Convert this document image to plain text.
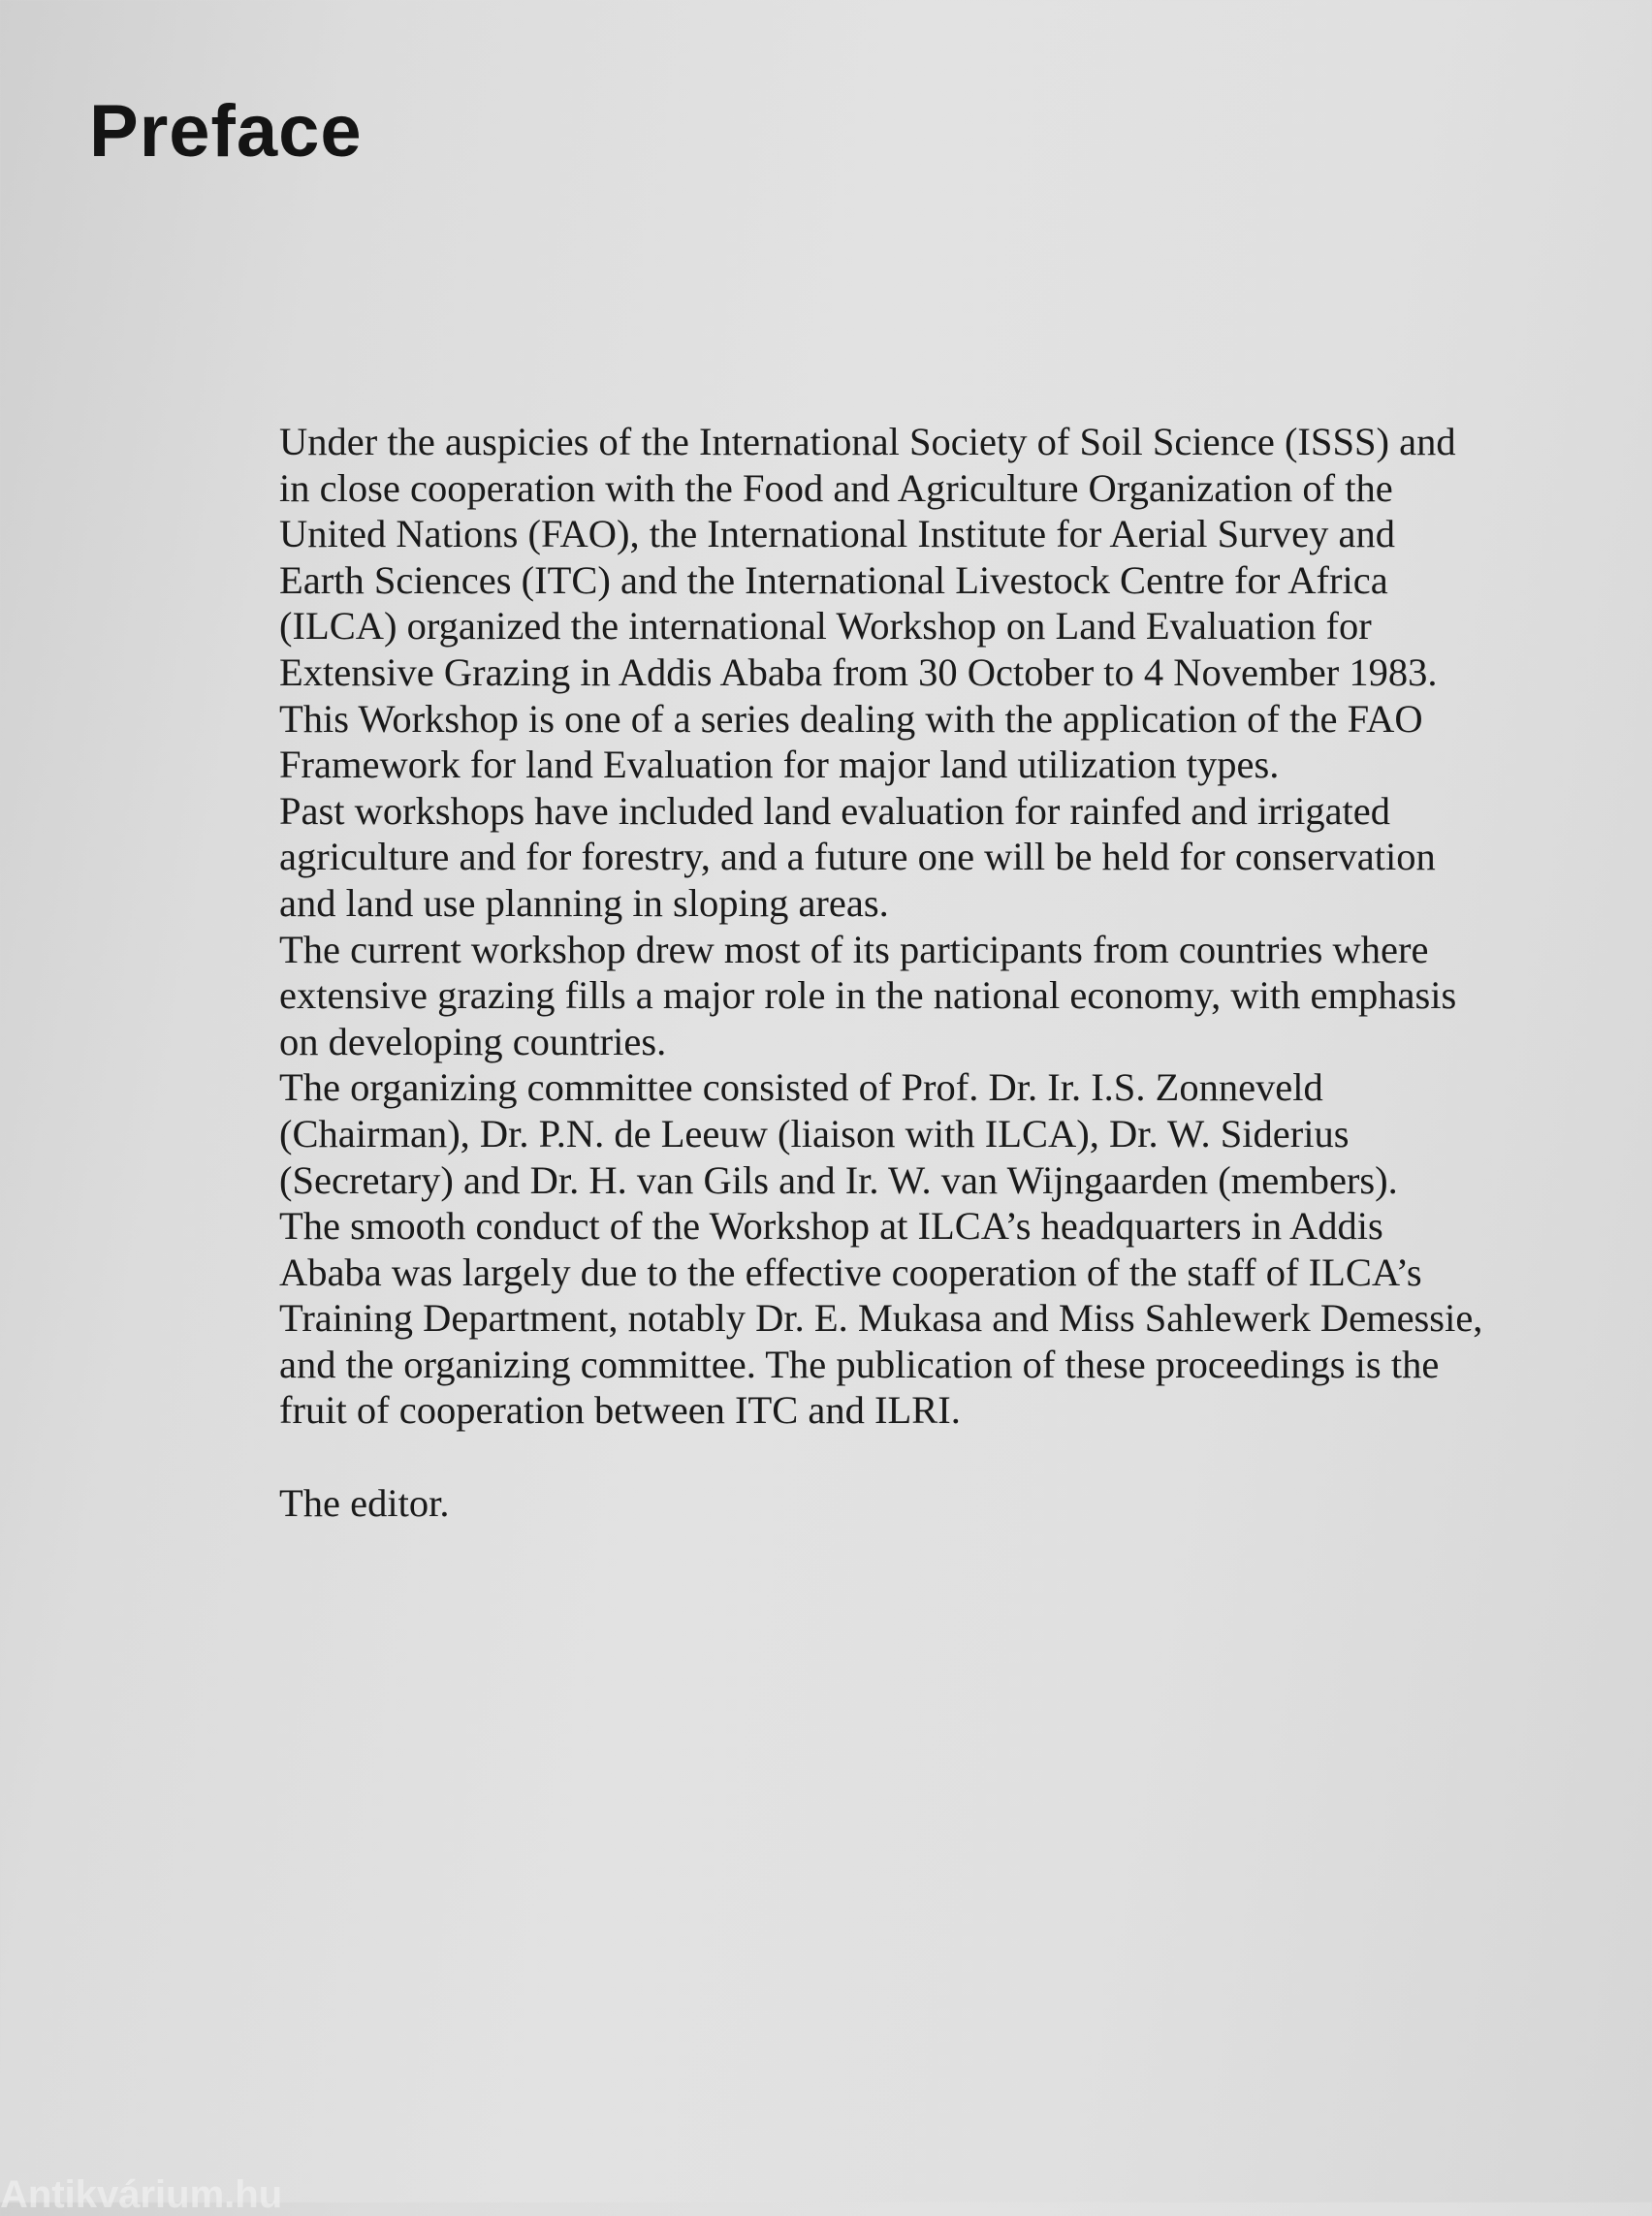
Preface
Under the auspicies of the International Society of Soil Science (ISSS) and
in close cooperation with the Food and Agriculture Organization of the
United Nations (FAO), the International Institute for Aerial Survey and
Earth Sciences (ITC) and the International Livestock Centre for Africa
(ILCA) organized the international Workshop on Land Evaluation for
Extensive Grazing in Addis Ababa from 30 October to 4 November 1983.
This Workshop is one of a series dealing with the application of the FAO
Framework for land Evaluation for major land utilization types.
Past workshops have included land evaluation for rainfed and irrigated
agriculture and for forestry, and a future one will be held for conservation
and land use planning in sloping areas.
The current workshop drew most of its participants from countries where
extensive grazing fills a major role in the national economy, with emphasis
on developing countries.
The organizing committee consisted of Prof. Dr. Ir. I.S. Zonneveld
(Chairman), Dr. P.N. de Leeuw (liaison with ILCA), Dr. W. Siderius
(Secretary) and Dr. H. van Gils and Ir. W. van Wijngaarden (members).
The smooth conduct of the Workshop at ILCA’s headquarters in Addis
Ababa was largely due to the effective cooperation of the staff of ILCA’s
Training Department, notably Dr. E. Mukasa and Miss Sahlewerk Demessie,
and the organizing committee. The publication of these proceedings is the
fruit of cooperation between ITC and ILRI.
The editor.
Antikvárium.hu
